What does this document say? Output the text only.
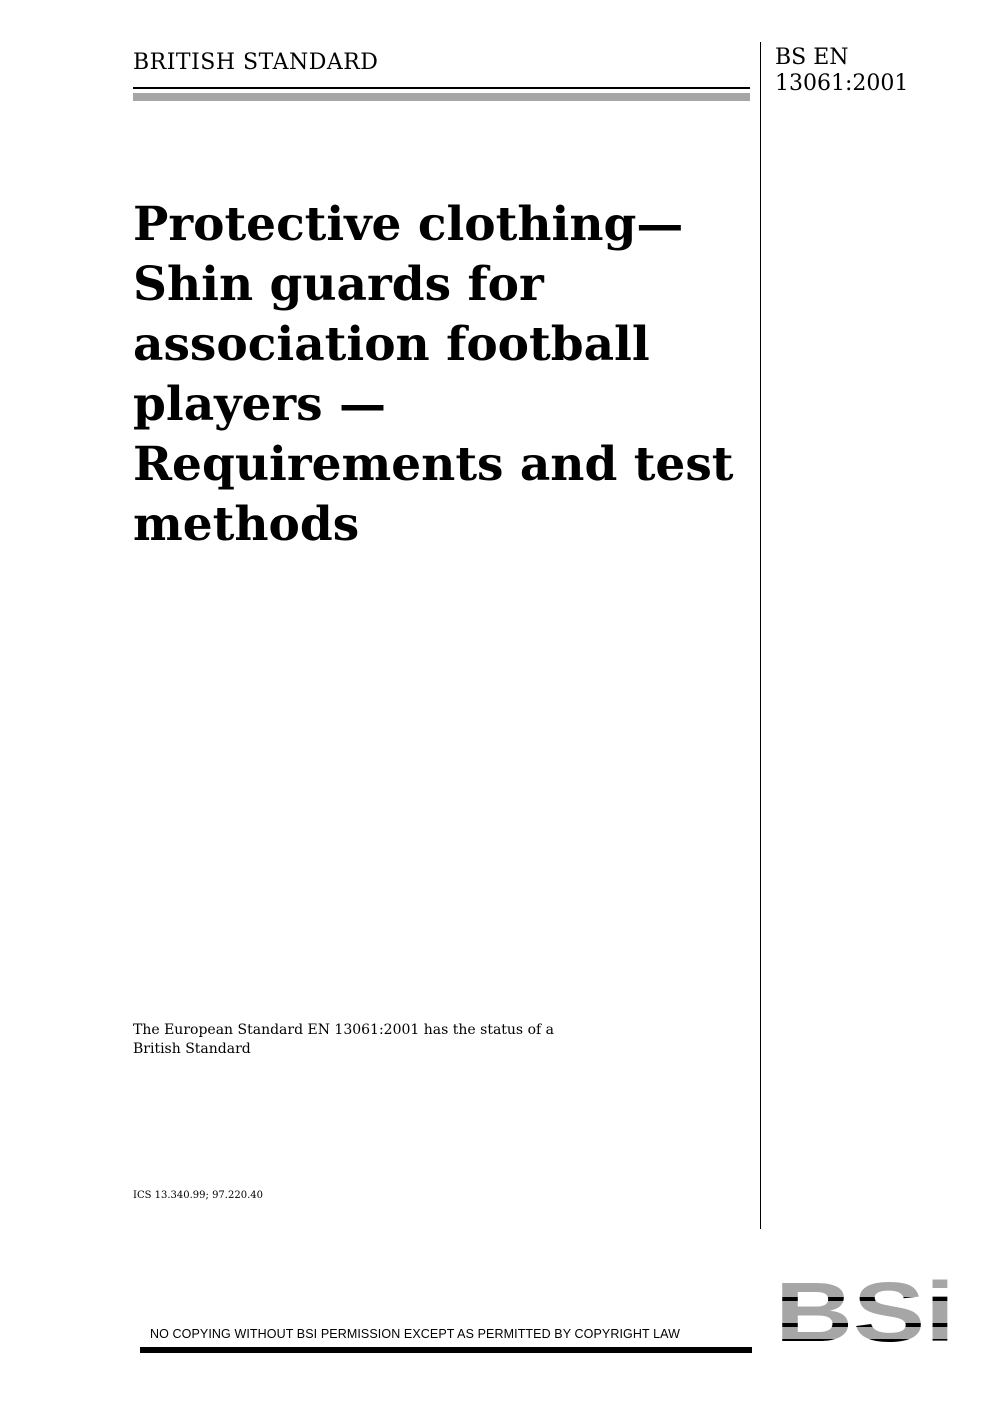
BRITISH STANDARD	BS EN
13061:2001
Protective clothing—
Shin guards for
association football
players —
Requirements and test
methods
The European Standard EN 13061:2001 has the status of a
British Standard
ICS 13.340.99; 97.220.40
NO COPYING WITHOUT BSI PERMISSION EXCEPT AS PERMITTED BY COPYRIGHT LAW
